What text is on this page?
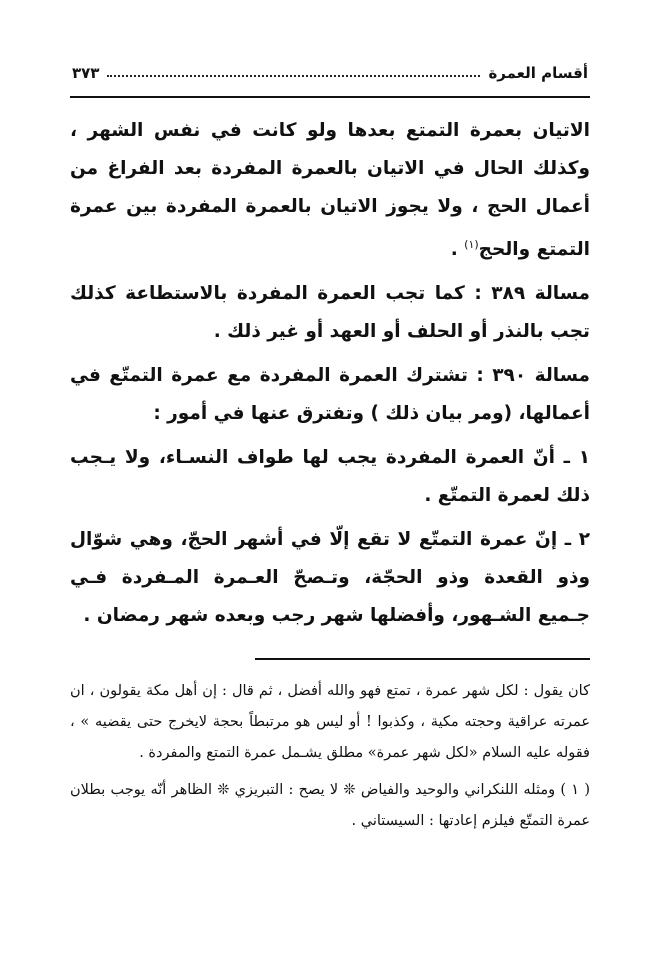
أقسام العمرة
٣٧٣

الاتيان بعمرة التمتع بعدها ولو كانت في نفس الشهر ، وكذلك الحال في الاتيان بالعمرة المفردة بعد الفراغ من أعمال الحج ، ولا يجوز الاتيان بالعمرة المفردة بين عمرة التمتع والحج$^{(١)}$ .

مسالة ٣٨٩ : كما تجب العمرة المفردة بالاستطاعة كذلك تجب بالنذر أو الحلف أو العهد أو غير ذلك .

مسالة ٣٩٠ : تشترك العمرة المفردة مع عمرة التمتّع في أعمالها، (ومر بيان ذلك ) وتفترق عنها في أمور :

١ ـ أنّ العمرة المفردة يجب لها طواف النسـاء، ولا يـجب ذلك لعمرة التمتّع .

٢ ـ إنّ عمرة التمتّع لا تقع إلّا في أشهر الحجّ، وهي شوّال وذو القعدة وذو الحجّة، وتـصحّ العـمرة المـفردة فـي جـميع الشـهور، وأفضلها شهر رجب وبعده شهر رمضان .

كان يقول : لكل شهر عمرة ، تمتع فهو والله أفضل ، ثم قال : إن أهل مكة يقولون ، ان عمرته عراقية وحجته مكية ، وكذبوا ! أو ليس هو مرتبطاً بحجة لايخرج حتى يقضيه » ، فقوله عليه السلام «لكل شهر عمرة» مطلق يشـمل عمرة التمتع والمفردة .

( ١ ) ومثله اللنكراني والوحيد والفياض ❊ لا يصح : التبريزي ❊ الظاهر أنّه يوجب بطلان عمرة التمتّع فيلزم إعادتها : السيستاني .
